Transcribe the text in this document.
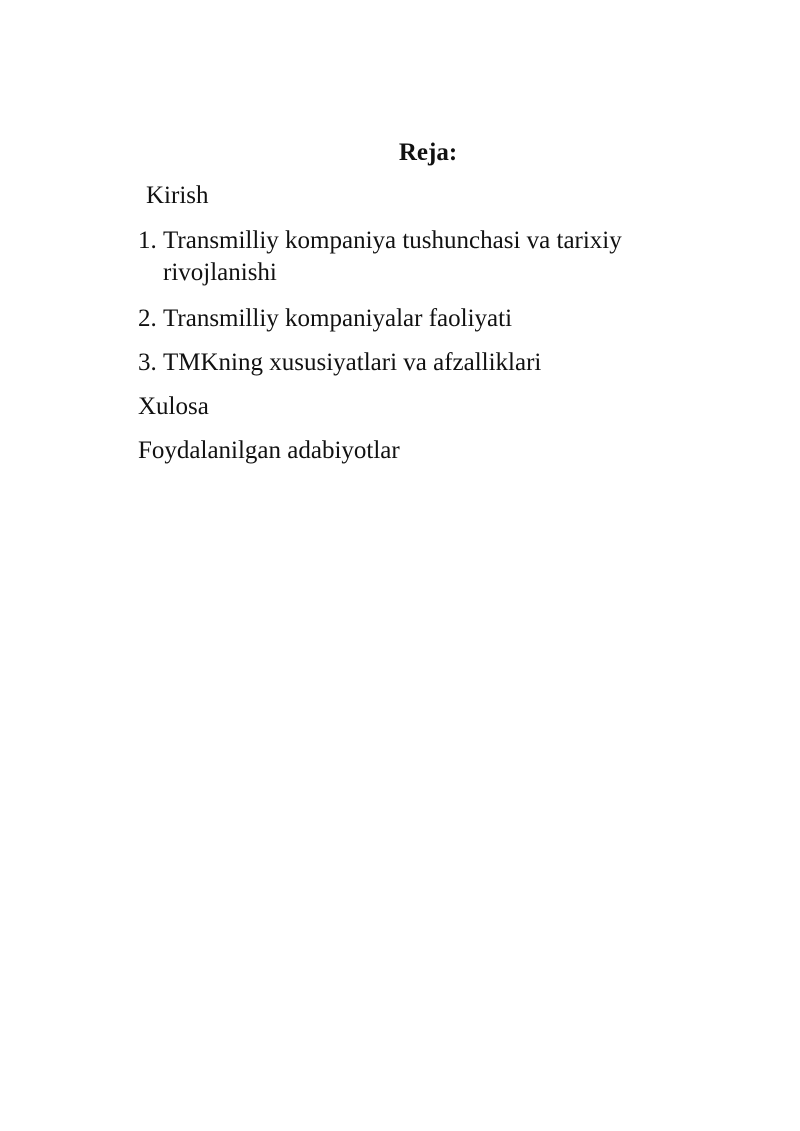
Reja:
Kirish
1. Transmilliy kompaniya tushunchasi va tarixiy rivojlanishi
2. Transmilliy kompaniyalar faoliyati
3. TMKning xususiyatlari va afzalliklari
Xulosa
Foydalanilgan adabiyotlar
